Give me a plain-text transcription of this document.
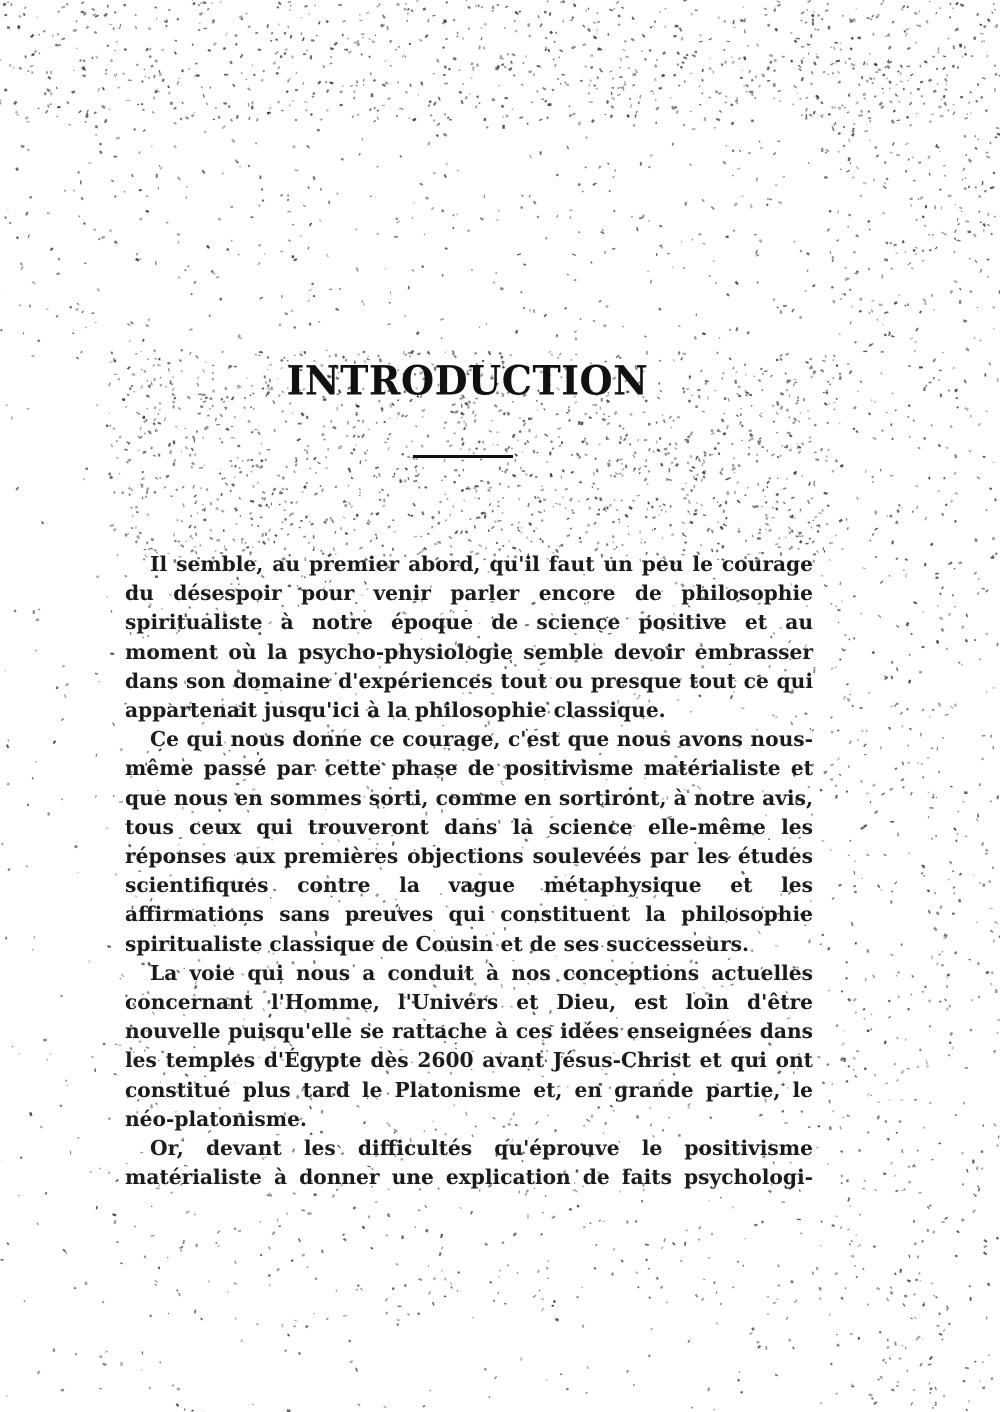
INTRODUCTION

Il semble, au premier abord, qu'il faut un peu le courage du désespoir pour venir parler encore de philosophie spiritualiste à notre époque de science positive et au moment où la psycho-physiologie semble devoir embrasser dans son domaine d'expériences tout ou presque tout ce qui appartenait jusqu'ici à la philosophie classique.

Ce qui nous donne ce courage, c'est que nous avons nous-même passé par cette phase de positivisme matérialiste et que nous en sommes sorti, comme en sortiront, à notre avis, tous ceux qui trouveront dans la science elle-même les réponses aux premières objections soulevées par les études scientifiques contre la vague métaphysique et les affirmations sans preuves qui constituent la philosophie spiritualiste classique de Cousin et de ses successeurs.

La voie qui nous a conduit à nos conceptions actuelles concernant l'Homme, l'Univers et Dieu, est loin d'être nouvelle puisqu'elle se rattache à ces idées enseignées dans les temples d'Égypte dès 2600 avant Jésus-Christ et qui ont constitué plus tard le Platonisme et, en grande partie, le néo-platonisme.

Or, devant les difficultés qu'éprouve le positivisme matérialiste à donner une explication de faits psychologi-
